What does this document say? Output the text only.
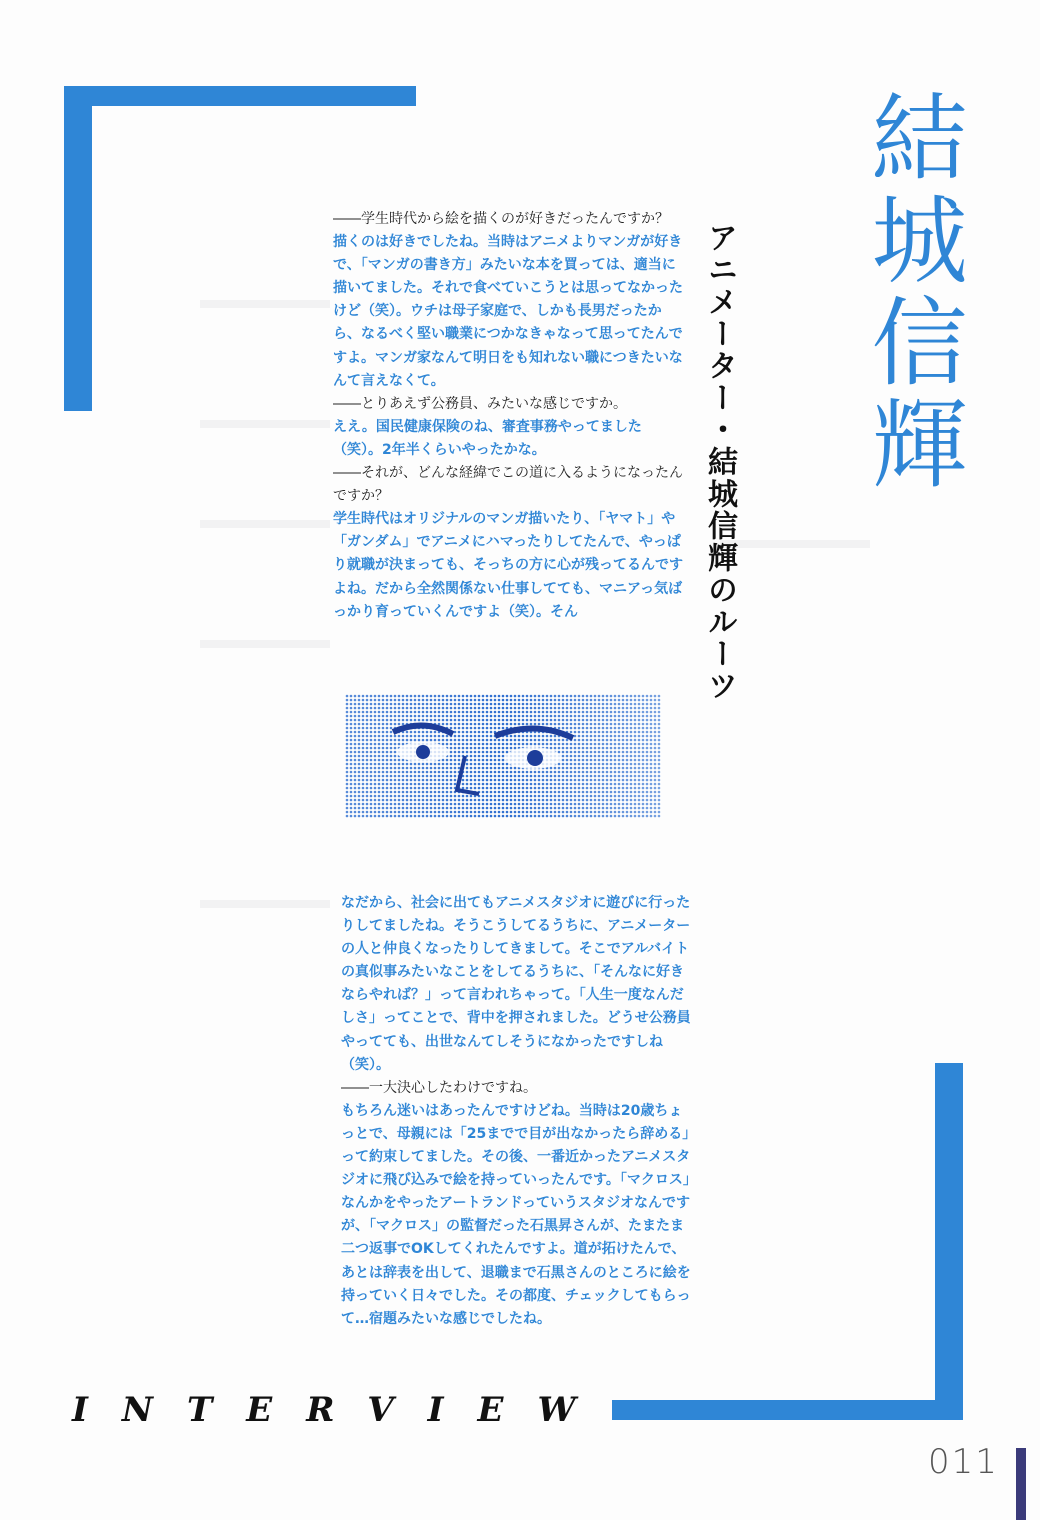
結城信輝
アニメーター・結城信輝のルーツ

――学生時代から絵を描くのが好きだったんですか？

描くのは好きでしたね。当時はアニメよりマンガが好きで、「マンガの書き方」みたいな本を買っては、適当に描いてました。それで食べていこうとは思ってなかったけど（笑）。ウチは母子家庭で、しかも長男だったから、なるべく堅い職業につかなきゃなって思ってたんですよ。マンガ家なんて明日をも知れない職につきたいなんて言えなくて。

――とりあえず公務員、みたいな感じですか。

ええ。国民健康保険のね、審査事務やってました（笑）。2年半くらいやったかな。

――それが、どんな経緯でこの道に入るようになったんですか？

学生時代はオリジナルのマンガ描いたり、「ヤマト」や「ガンダム」でアニメにハマったりしてたんで、やっぱり就職が決まっても、そっちの方に心が残ってるんですよね。だから全然関係ない仕事してても、マニアっ気ばっかり育っていくんですよ（笑）。そん

なだから、社会に出てもアニメスタジオに遊びに行ったりしてましたね。そうこうしてるうちに、アニメーターの人と仲良くなったりしてきまして。そこでアルバイトの真似事みたいなことをしてるうちに、「そんなに好きならやれば？」って言われちゃって。「人生一度なんだしさ」ってことで、背中を押されました。どうせ公務員やってても、出世なんてしそうになかったですしね（笑）。

――一大決心したわけですね。

もちろん迷いはあったんですけどね。当時は20歳ちょっとで、母親には「25までで目が出なかったら辞める」って約束してました。その後、一番近かったアニメスタジオに飛び込みで絵を持っていったんです。「マクロス」なんかをやったアートランドっていうスタジオなんですが、「マクロス」の監督だった石黒昇さんが、たまたま二つ返事でOKしてくれたんですよ。道が拓けたんで、あとは辞表を出して、退職まで石黒さんのところに絵を持っていく日々でした。その都度、チェックしてもらって…宿題みたいな感じでしたね。

INTERVIEW
011
